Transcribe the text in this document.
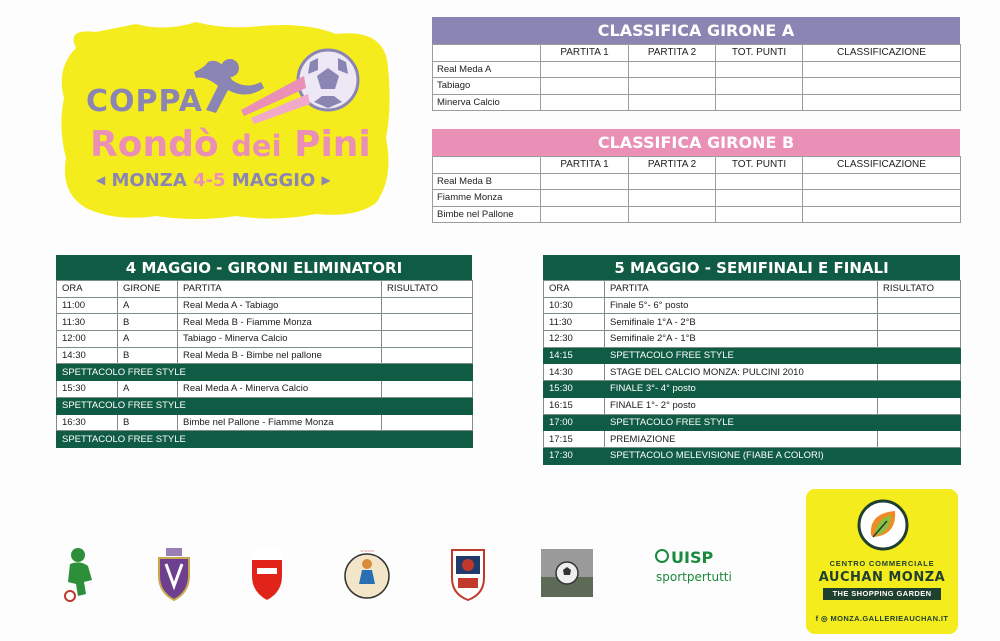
COPPA
Rondò dei Pini
◀ MONZA 4-5 MAGGIO ▶
CLASSIFICA GIRONE A
	PARTITA 1	PARTITA 2	TOT. PUNTI	CLASSIFICAZIONE
Real Meda A				
Tabiago				
Minerva Calcio				
CLASSIFICA GIRONE B
	PARTITA 1	PARTITA 2	TOT. PUNTI	CLASSIFICAZIONE
Real Meda B				
Fiamme Monza				
Bimbe nel Pallone				
4 MAGGIO - GIRONI ELIMINATORI
ORA	GIRONE	PARTITA	RISULTATO
11:00	A	Real Meda A - Tabiago	
11:30	B	Real Meda B - Fiamme Monza	
12:00	A	Tabiago - Minerva Calcio	
14:30	B	Real Meda B - Bimbe nel pallone	
SPETTACOLO FREE STYLE			
15:30	A	Real Meda A - Minerva Calcio	
SPETTACOLO FREE STYLE			
16:30	B	Bimbe nel Pallone - Fiamme Monza	
SPETTACOLO FREE STYLE			
5 MAGGIO - SEMIFINALI E FINALI
ORA	PARTITA	RISULTATO
10:30	Finale 5°- 6° posto	
11:30	Semifinale 1°A - 2°B	
12:30	Semifinale 2°A - 1°B	
14:15	SPETTACOLO FREE STYLE	
14:30	STAGE DEL CALCIO MONZA: PULCINI 2010	
15:30	FINALE 3°- 4° posto	
16:15	FINALE 1°- 2° posto	
17:00	SPETTACOLO FREE STYLE	
17:15	PREMIAZIONE	
17:30	SPETTACOLO MELEVISIONE (FIABE A COLORI)	
~~~~	UISP
sportpertutti
CENTRO COMMERCIALE
AUCHAN MONZA
THE SHOPPING GARDEN
f ◎ MONZA.GALLERIEAUCHAN.IT
